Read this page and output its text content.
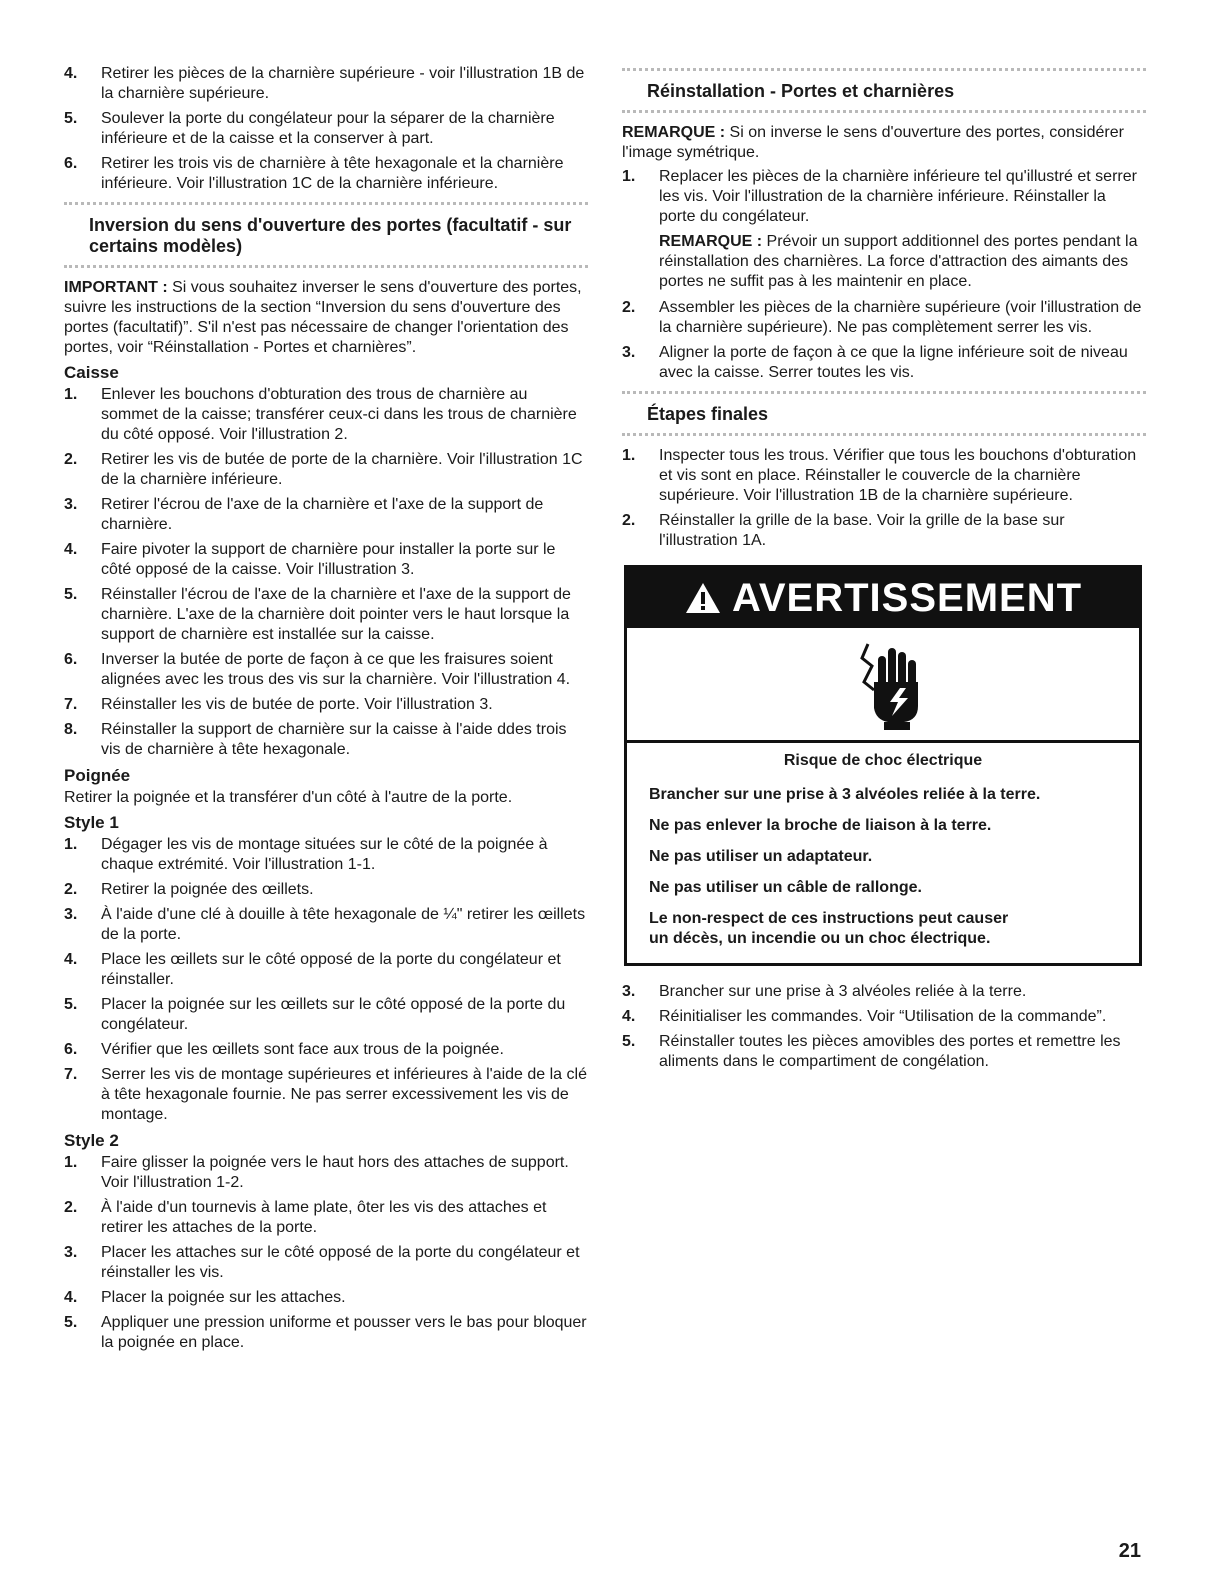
4.	Retirer les pièces de la charnière supérieure - voir l'illustration 1B de la charnière supérieure.
5.	Soulever la porte du congélateur pour la séparer de la charnière inférieure et de la caisse et la conserver à part.
6.	Retirer les trois vis de charnière à tête hexagonale et la charnière inférieure. Voir l'illustration 1C de la charnière inférieure.
Inversion du sens d'ouverture des portes (facultatif - sur certains modèles)

IMPORTANT : Si vous souhaitez inverser le sens d'ouverture des portes, suivre les instructions de la section “Inversion du sens d'ouverture des portes (facultatif)”. S'il n'est pas nécessaire de changer l'orientation des portes, voir “Réinstallation - Portes et charnières”.

Caisse
1.	Enlever les bouchons d'obturation des trous de charnière au sommet de la caisse; transférer ceux-ci dans les trous de charnière du côté opposé. Voir l'illustration 2.
2.	Retirer les vis de butée de porte de la charnière. Voir l'illustration 1C de la charnière inférieure.
3.	Retirer l'écrou de l'axe de la charnière et l'axe de la support de charnière.
4.	Faire pivoter la support de charnière pour installer la porte sur le côté opposé de la caisse. Voir l'illustration 3.
5.	Réinstaller l'écrou de l'axe de la charnière et l'axe de la support de charnière. L'axe de la charnière doit pointer vers le haut lorsque la support de charnière est installée sur la caisse.
6.	Inverser la butée de porte de façon à ce que les fraisures soient alignées avec les trous des vis sur la charnière. Voir l'illustration 4.
7.	Réinstaller les vis de butée de porte. Voir l'illustration 3.
8.	Réinstaller la support de charnière sur la caisse à l'aide ddes trois vis de charnière à tête hexagonale.
Poignée

Retirer la poignée et la transférer d'un côté à l'autre de la porte.

Style 1
1.	Dégager les vis de montage situées sur le côté de la poignée à chaque extrémité. Voir l'illustration 1-1.
2.	Retirer la poignée des œillets.
3.	À l'aide d'une clé à douille à tête hexagonale de ¼" retirer les œillets de la porte.
4.	Place les œillets sur le côté opposé de la porte du congélateur et réinstaller.
5.	Placer la poignée sur les œillets sur le côté opposé de la porte du congélateur.
6.	Vérifier que les œillets sont face aux trous de la poignée.
7.	Serrer les vis de montage supérieures et inférieures à l'aide de la clé à tête hexagonale fournie. Ne pas serrer excessivement les vis de montage.
Style 2
1.	Faire glisser la poignée vers le haut hors des attaches de support. Voir l'illustration 1-2.
2.	À l'aide d'un tournevis à lame plate, ôter les vis des attaches et retirer les attaches de la porte.
3.	Placer les attaches sur le côté opposé de la porte du congélateur et réinstaller les vis.
4.	Placer la poignée sur les attaches.
5.	Appliquer une pression uniforme et pousser vers le bas pour bloquer la poignée en place.
Réinstallation - Portes et charnières

REMARQUE : Si on inverse le sens d'ouverture des portes, considérer l'image symétrique.

1.	Replacer les pièces de la charnière inférieure tel qu'illustré et serrer les vis. Voir l'illustration de la charnière inférieure. Réinstaller la porte du congélateur.
REMARQUE : Prévoir un support additionnel des portes pendant la réinstallation des charnières. La force d'attraction des aimants des portes ne suffit pas à les maintenir en place.
2.	Assembler les pièces de la charnière supérieure (voir l'illustration de la charnière supérieure). Ne pas complètement serrer les vis.
3.	Aligner la porte de façon à ce que la ligne inférieure soit de niveau avec la caisse. Serrer toutes les vis.
Étapes finales
1.	Inspecter tous les trous. Vérifier que tous les bouchons d'obturation et vis sont en place. Réinstaller le couvercle de la charnière supérieure. Voir l'illustration 1B de la charnière supérieure.
2.	Réinstaller la grille de la base. Voir la grille de la base sur l'illustration 1A.
AVERTISSEMENT
Risque de choc électrique
Brancher sur une prise à 3 alvéoles reliée à la terre.
Ne pas enlever la broche de liaison à la terre.
Ne pas utiliser un adaptateur.
Ne pas utiliser un câble de rallonge.
Le non-respect de ces instructions peut causer
un décès, un incendie ou un choc électrique.
3.	Brancher sur une prise à 3 alvéoles reliée à la terre.
4.	Réinitialiser les commandes. Voir “Utilisation de la commande”.
5.	Réinstaller toutes les pièces amovibles des portes et remettre les aliments dans le compartiment de congélation.
21
